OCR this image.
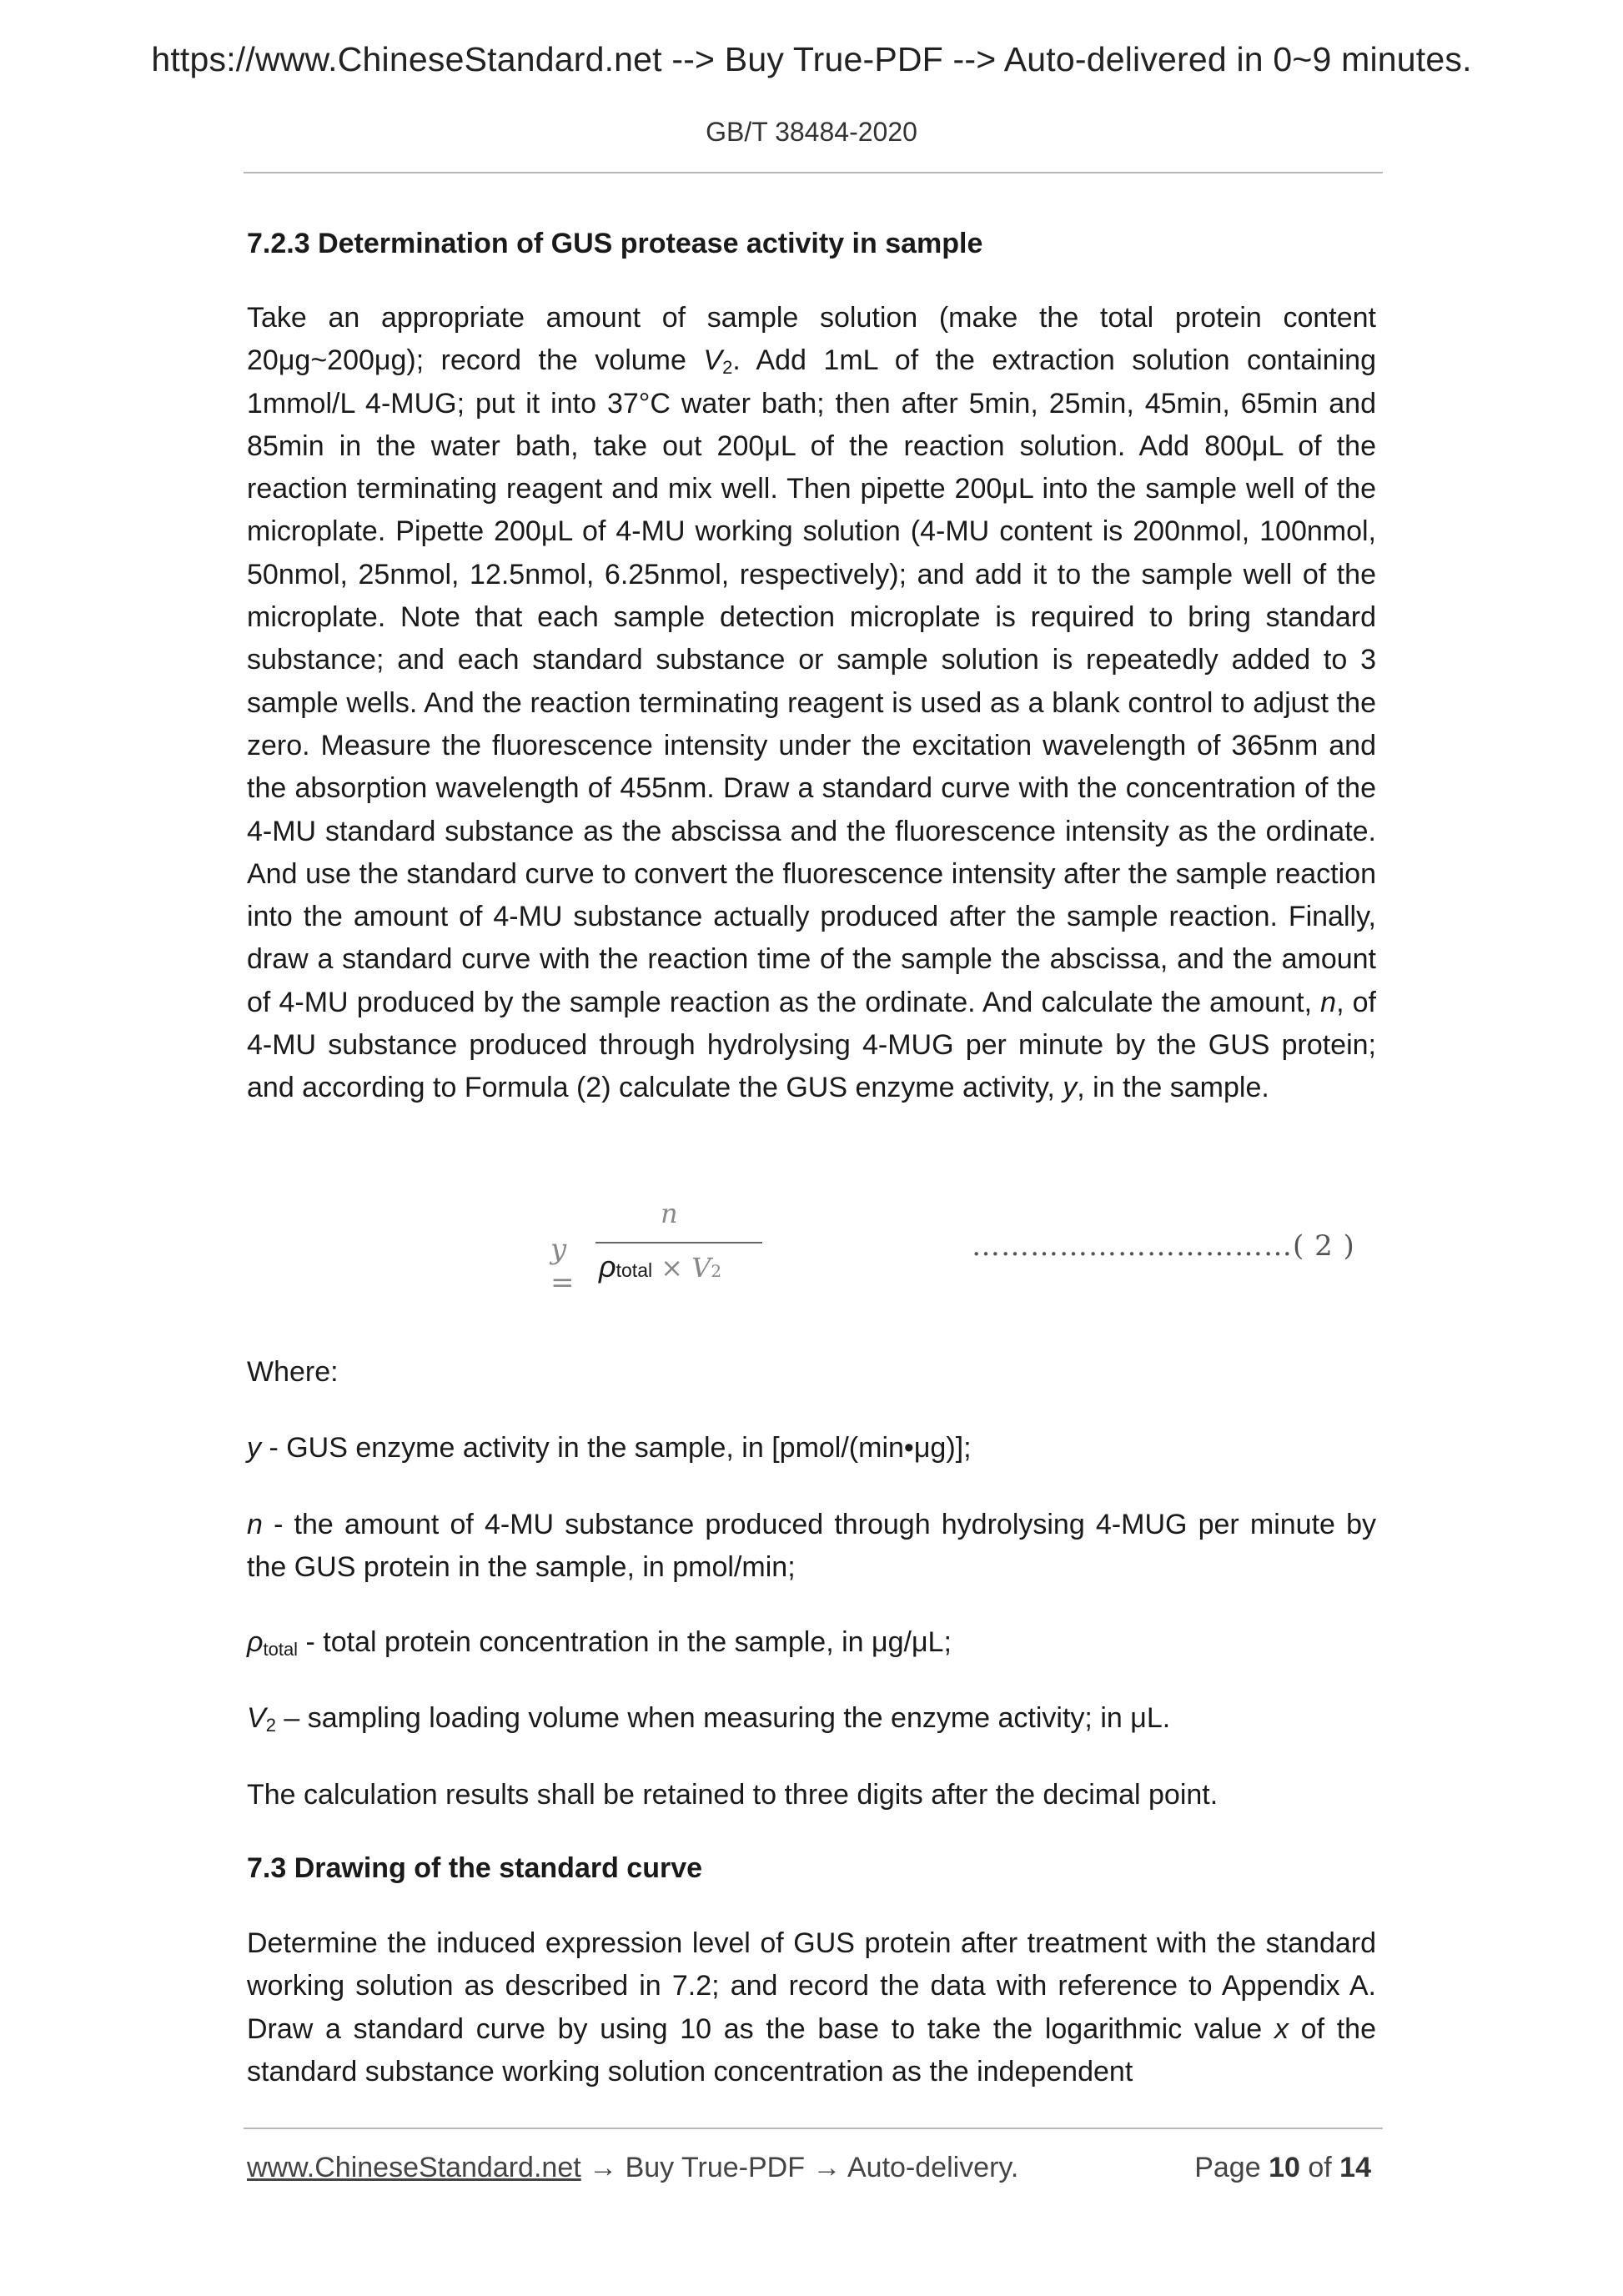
https://www.ChineseStandard.net --> Buy True-PDF --> Auto-delivered in 0~9 minutes.
GB/T 38484-2020

7.2.3 Determination of GUS protease activity in sample

Take an appropriate amount of sample solution (make the total protein content 20μg~200μg); record the volume $V_2$. Add 1mL of the extraction solution containing 1mmol/L 4-MUG; put it into 37°C water bath; then after 5min, 25min, 45min, 65min and 85min in the water bath, take out 200μL of the reaction solution. Add 800μL of the reaction terminating reagent and mix well. Then pipette 200μL into the sample well of the microplate. Pipette 200μL of 4-MU working solution (4-MU content is 200nmol, 100nmol, 50nmol, 25nmol, 12.5nmol, 6.25nmol, respectively); and add it to the sample well of the microplate. Note that each sample detection microplate is required to bring standard substance; and each standard substance or sample solution is repeatedly added to 3 sample wells. And the reaction terminating reagent is used as a blank control to adjust the zero. Measure the fluorescence intensity under the excitation wavelength of 365nm and the absorption wavelength of 455nm. Draw a standard curve with the concentration of the 4-MU standard substance as the abscissa and the fluorescence intensity as the ordinate. And use the standard curve to convert the fluorescence intensity after the sample reaction into the amount of 4-MU substance actually produced after the sample reaction. Finally, draw a standard curve with the reaction time of the sample the abscissa, and the amount of 4-MU produced by the sample reaction as the ordinate. And calculate the amount, n, of 4-MU substance produced through hydrolysing 4-MUG per minute by the GUS protein; and according to Formula (2) calculate the GUS enzyme activity, y, in the sample.

y =
n
ρtotal × V2
……………………………( 2 )

Where:

y - GUS enzyme activity in the sample, in [pmol/(min•μg)];

n - the amount of 4-MU substance produced through hydrolysing 4-MUG per minute by the GUS protein in the sample, in pmol/min;

$\rho_{total}$ - total protein concentration in the sample, in μg/μL;

$V_2$ – sampling loading volume when measuring the enzyme activity; in μL.

The calculation results shall be retained to three digits after the decimal point.

7.3 Drawing of the standard curve

Determine the induced expression level of GUS protein after treatment with the standard working solution as described in 7.2; and record the data with reference to Appendix A. Draw a standard curve by using 10 as the base to take the logarithmic value x of the standard substance working solution concentration as the independent

www.ChineseStandard.net → Buy True-PDF → Auto-delivery.	Page 10 of 14
